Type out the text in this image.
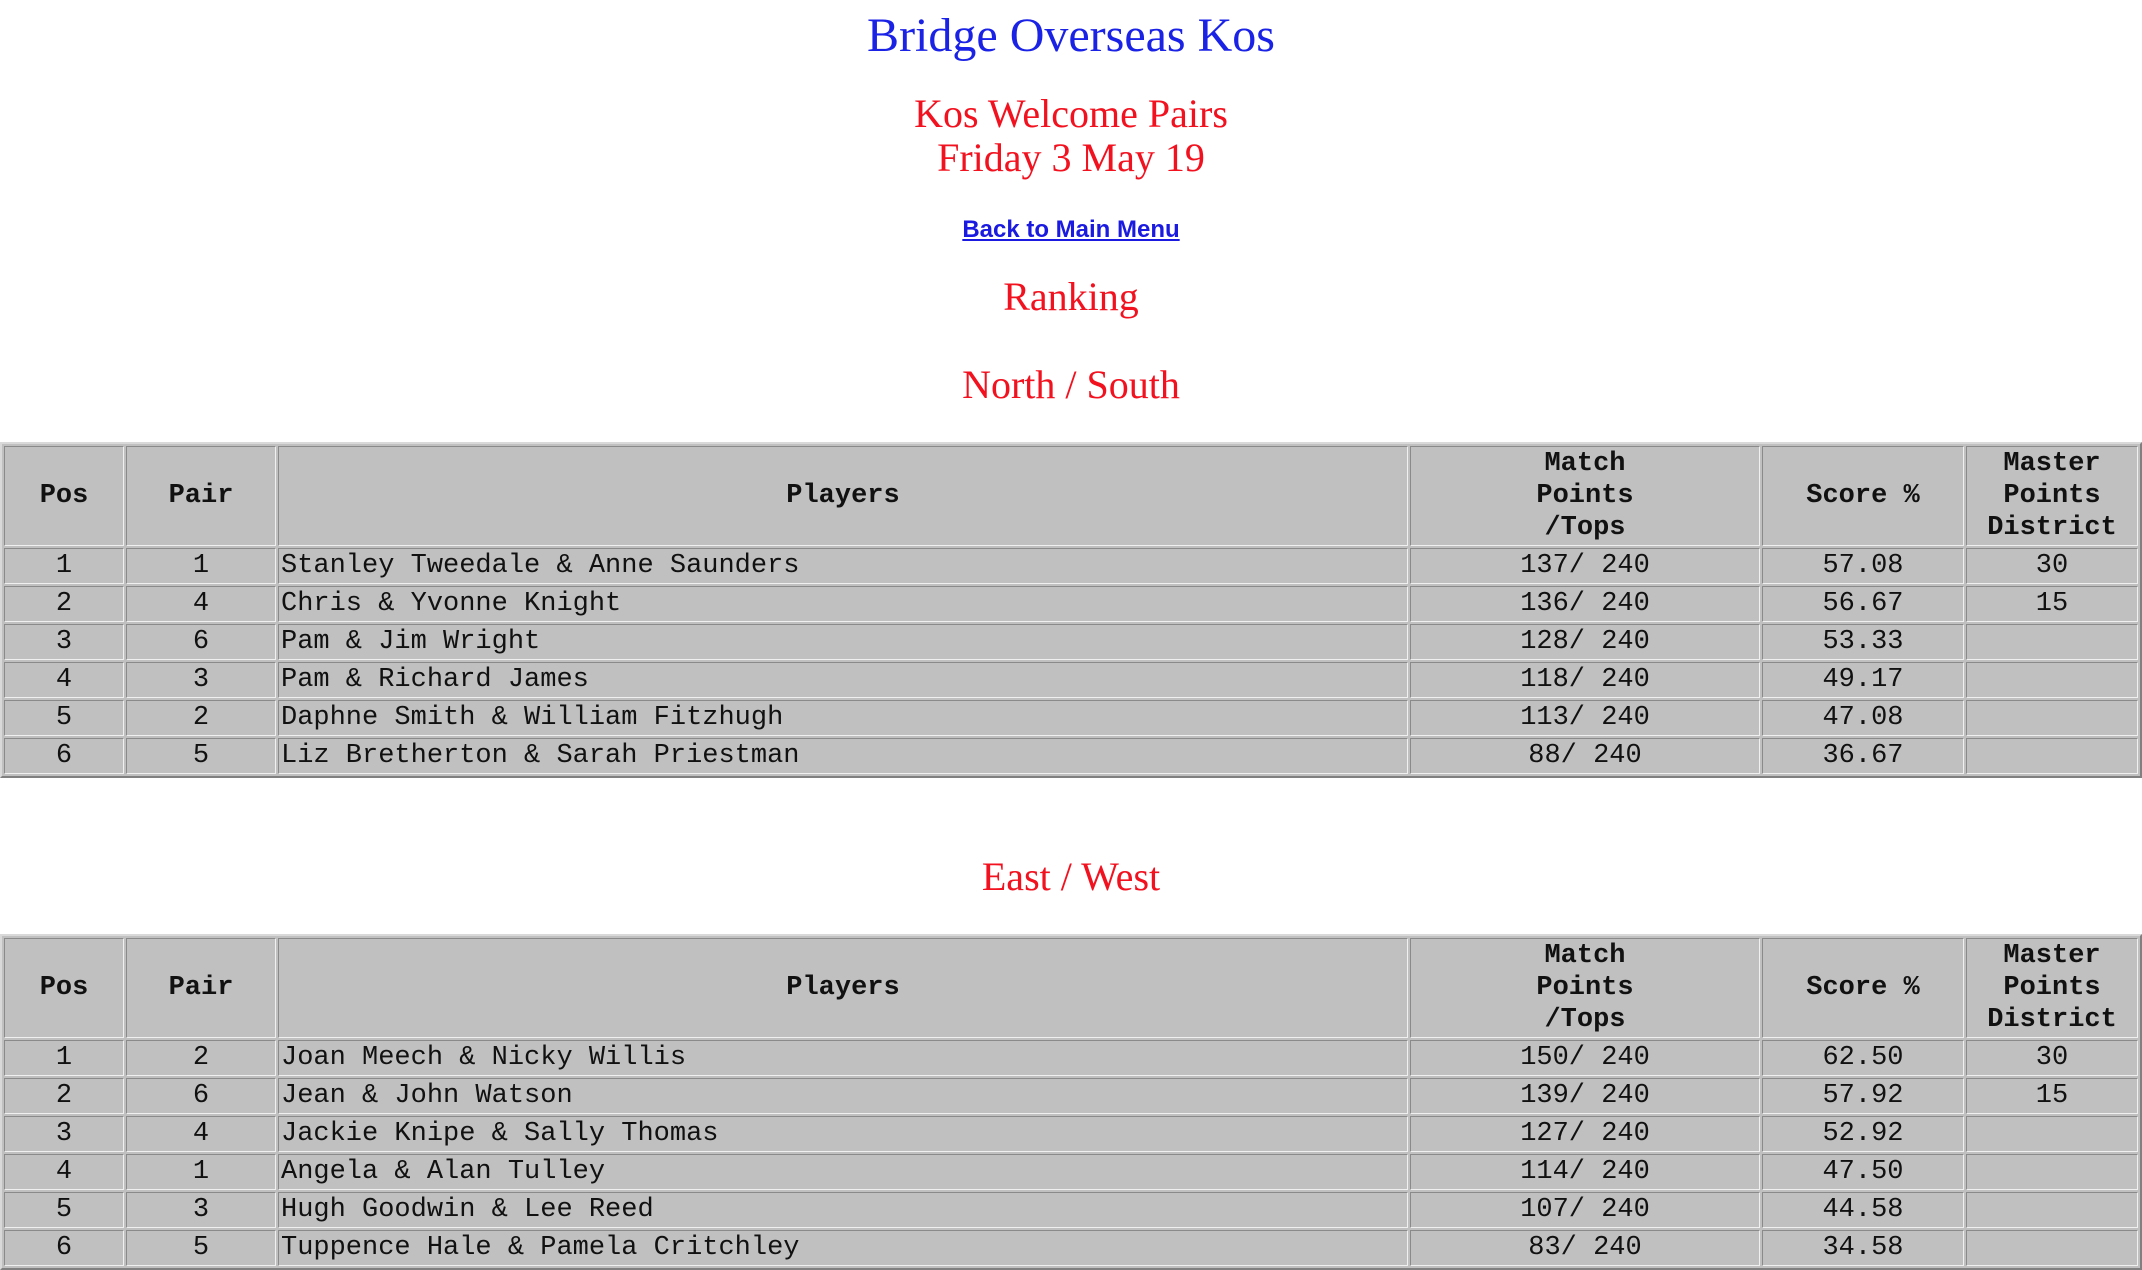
Bridge Overseas Kos
Kos Welcome Pairs
Friday 3 May 19
Back to Main Menu
Ranking
North / South
Pos	Pair	Players	Match
Points
/Tops	Score %	Master
Points
District
1	1	Stanley Tweedale & Anne Saunders	137/ 240	57.08	30
2	4	Chris & Yvonne Knight	136/ 240	56.67	15
3	6	Pam & Jim Wright	128/ 240	53.33	
4	3	Pam & Richard James	118/ 240	49.17	
5	2	Daphne Smith & William Fitzhugh	113/ 240	47.08	
6	5	Liz Bretherton & Sarah Priestman	88/ 240	36.67	
East / West
Pos	Pair	Players	Match
Points
/Tops	Score %	Master
Points
District
1	2	Joan Meech & Nicky Willis	150/ 240	62.50	30
2	6	Jean & John Watson	139/ 240	57.92	15
3	4	Jackie Knipe & Sally Thomas	127/ 240	52.92	
4	1	Angela & Alan Tulley	114/ 240	47.50	
5	3	Hugh Goodwin & Lee Reed	107/ 240	44.58	
6	5	Tuppence Hale & Pamela Critchley	83/ 240	34.58	
